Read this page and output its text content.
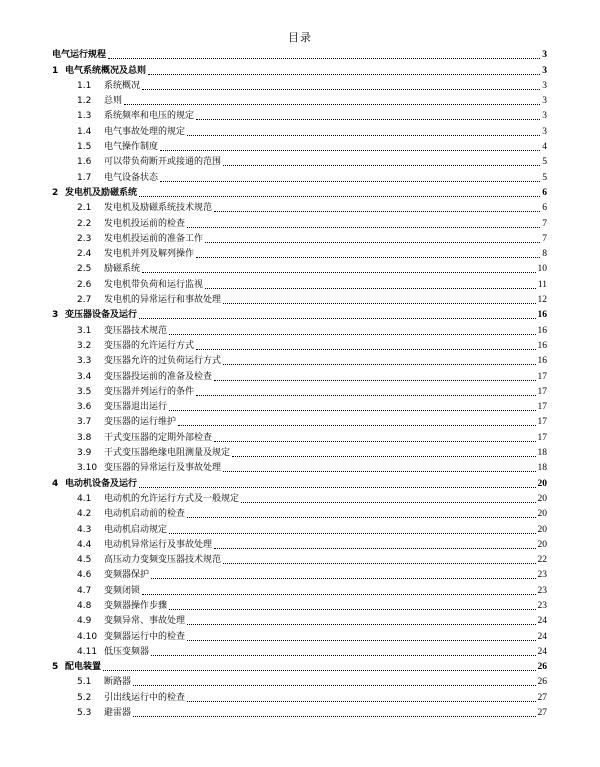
目录
电气运行规程	3
1 电气系统概况及总则	3
1.1 系统概况	3
1.2 总则	3
1.3 系统频率和电压的规定	3
1.4 电气事故处理的规定	3
1.5 电气操作制度	4
1.6 可以带负荷断开或接通的范围	5
1.7 电气设备状态	5
2 发电机及励磁系统	6
2.1 发电机及励磁系统技术规范	6
2.2 发电机投运前的检查	7
2.3 发电机投运前的准备工作	7
2.4 发电机并列及解列操作	8
2.5 励磁系统	10
2.6 发电机带负荷和运行监视	11
2.7 发电机的异常运行和事故处理	12
3 变压器设备及运行	16
3.1 变压器技术规范	16
3.2 变压器的允许运行方式	16
3.3 变压器允许的过负荷运行方式	16
3.4 变压器投运前的准备及检查	17
3.5 变压器并列运行的条件	17
3.6 变压器退出运行	17
3.7 变压器的运行维护	17
3.8 干式变压器的定期外部检查	17
3.9 干式变压器绝缘电阻测量及规定	18
3.10 变压器的异常运行及事故处理	18
4 电动机设备及运行	20
4.1 电动机的允许运行方式及一般规定	20
4.2 电动机启动前的检查	20
4.3 电动机启动规定	20
4.4 电动机异常运行及事故处理	20
4.5 高压动力变频变压器技术规范	22
4.6 变频器保护	23
4.7 变频闭锁	23
4.8 变频器操作步骤	23
4.9 变频异常、事故处理	24
4.10 变频器运行中的检查	24
4.11 低压变频器	24
5 配电装置	26
5.1 断路器	26
5.2 引出线运行中的检查	27
5.3 避雷器	27
